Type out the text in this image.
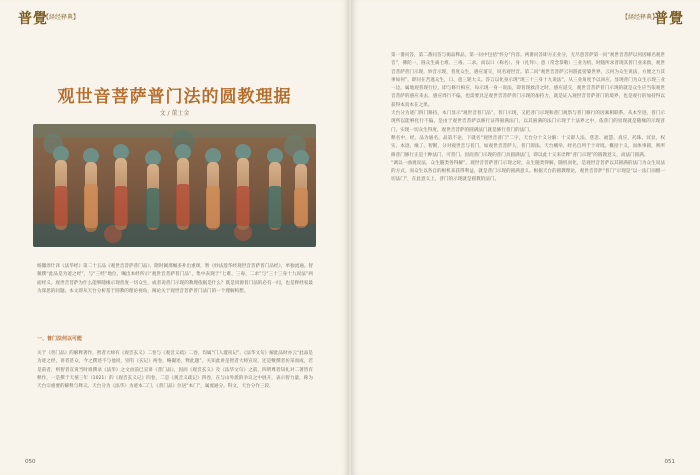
普覺
【経经释典】
观世音菩萨普门法的圆教理据
文 / 董士金
杨馨淳什译《法华经》第二十五品《观世音菩萨普门品》，隋时阇那崛多补出重颂，暂《妙法莲华经观世音菩萨普门品经》，单独流通。智頻撰“此品是为迹之经”，与“三经”地位，嘱出本经所示“观世音菩萨普门品”，集中表现于“七难、三毒、二求”与“三十三身十九说法”两面经义。观世音菩萨为什么能够随缘示现普度一切众生，或者说普门示现的教理依据是什么？既是同源普门法的必有一问，也是释经家最为深思的问题。本文即从天台分析基于圆教的理论视角，阐论关于观世音菩萨普门法门的一个理解构想。
一、普门法何以可能
关于《普门品》的解释著作，智者大师有《观音玄义》二卷与《观音义疏》二卷，均属“门人灌顶记”。《法华文句》解此品时亦云“此品是为迹之经，讲者甚众，今之撰述不与他同，别有《玄记》两卷，略撮述，释此题”。关知此讲是智者大师宣说，还是敷撰者仿采而成，若是前者，则智者宣说当时谁撰录《法华》之文由前已宣讲《普门品》，因而《观音玄义》及《法华文句》之前，四明尊者知礼对二著皆有释作，一是撰于天禧三年（1021）的《观音玄义记》四卷，二是《观音义疏记》四卷，在与山外派的争议之中展开，表示智力量，称为天台宗重要的解释与释义。天台分为《法华》为迹本二门，《普门品》位居“本门”，属流通分。科文，天台分作三段，
050
【経经释典】
普覺
第一番问答，第二番问答与偈品释品，第一问中包括“怀分”内容。两番问答即方正业分，无尽意菩萨第一问“观世音菩萨以何因缘名观世音”，佛陀一，圆众生离七难、三毒、二求，而以口（称名）、身（礼拜）、意（常念恭敬）三业为机，时随所求普现其普门业来救，观世音菩萨普门示现，妙音示现，普度众生，感应道交，说名观世音。第二问“观世音菩萨云何游此娑婆世界，云何为众生说法，方便之力其事如何”，即问在苦逃众生，口、意三轮大义。答言以化身示现“现三十三身十九说法”，从三业角度予以回应，显现普门为众生示现三业一边。属地观普现行位，即与修行相应，每示现一身一说法，即普现救济之时，感应道交，观世音菩萨普门示现的就是众生应当依观世音菩萨的感应来去，感应周行不偏，也需要具足观世音菩萨普门示现的加持力，就是证入观世音菩萨普门的境界，也是观行的加持得以获得本真本在之果。
天台分为迹门四门修持，本门显示“观世音普门品”，普门示现，又把普门示现和普门观察与普门修行的因素相联系，从本至迹，普门示现所以能够化行不偏，是由于观世音菩萨以修行证得圆满法门，以其圆满的法门示现于十法界之中，依普门的显现就是随缘的示现普门，实现一切众生得度，观世音菩萨的圆满法门就是修行普门的法门。
释名中，经、品为通名，品第不论，下就名“观世音普门”二字，天台分十义分解：十义即人法、慈悲、福慧、真应、药珠、冥显、权实、本迹、缘了、智断，分对观世音与普门，如观世音菩萨人，普门即法。天台概举，经名自列于十对境。概括十义，而体事圆，则所修普门修行正是十种法门，可普门。因而普门示现的普门具圆满法门，即以此十义来诠释“普门示现”的圆教意义，而法门圆满。
“调以一曲观说法，众生随类各得解”。观世音菩萨普门示现之时，众生随类得解，随机而化，是观世音菩萨以其圆满的法门为众生说法的方式，而众生以各自的根机来获得利益，就是普门示现的圆满意义。根据天台的圆教理论，观世音菩萨“普门”示现是“以一法门而摄一切法门”，在此意义上，普门的示现就是圆教的法门。
051
